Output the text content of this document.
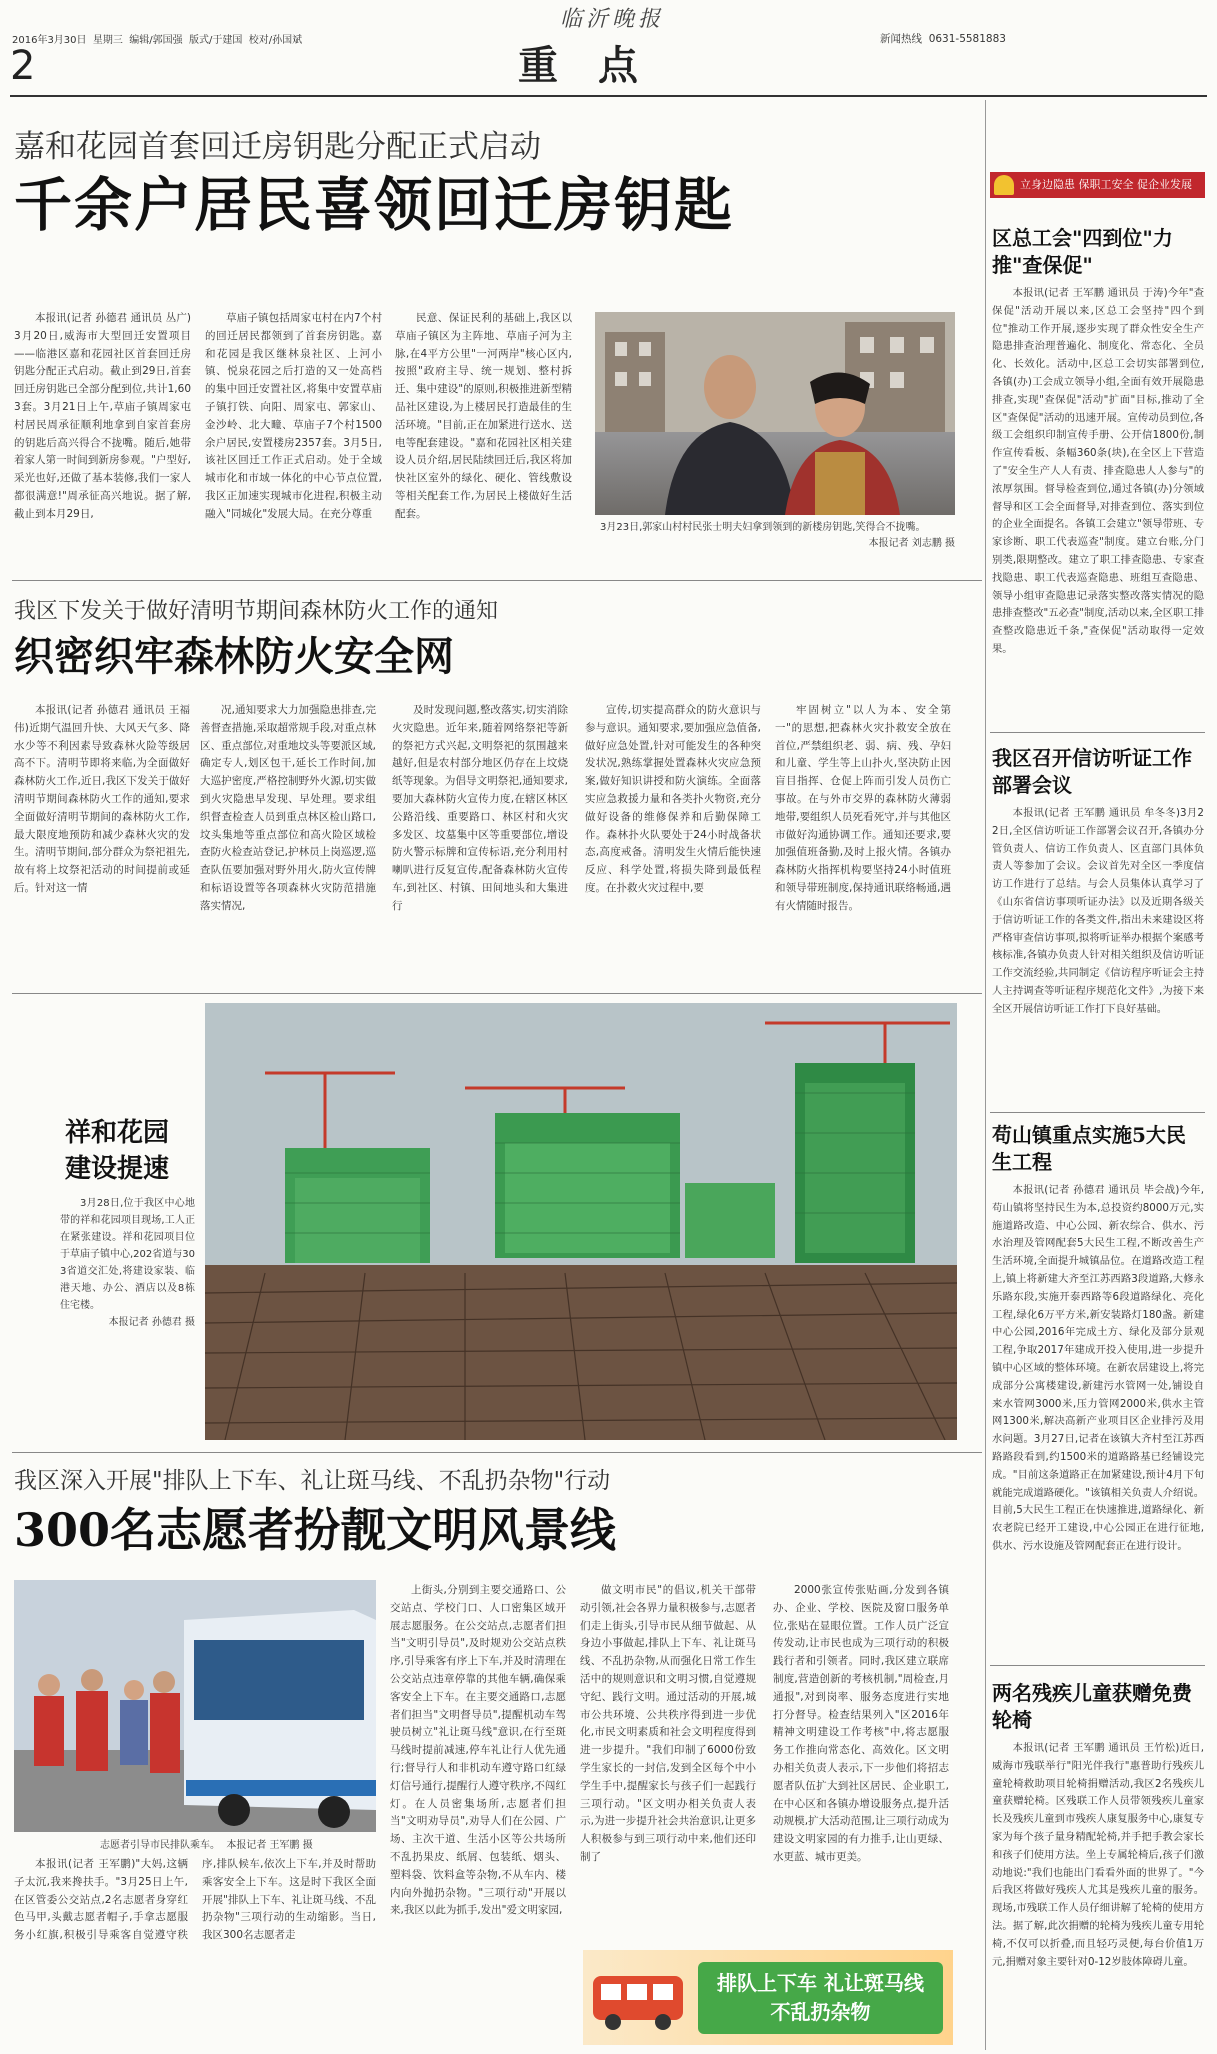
2016年3月30日 星期三 编辑/郭国强 版式/于建国 校对/孙国斌
临沂晚报
新闻热线 0631-5581883
2	重点
嘉和花园首套回迁房钥匙分配正式启动
千余户居民喜领回迁房钥匙

本报讯(记者 孙德君 通讯员 丛广)3月20日,威海市大型回迁安置项目——临港区嘉和花园社区首套回迁房钥匙分配正式启动。截止到29日,首套回迁房钥匙已全部分配到位,共计1,603套。3月21日上午,草庙子镇周家屯村居民周承征顺利地拿到自家首套房的钥匙后高兴得合不拢嘴。随后,她带着家人第一时间到新房参观。"户型好,采光也好,还做了基本装修,我们一家人都很满意!"周承征高兴地说。据了解,截止到本月29日,

草庙子镇包括周家屯村在内7个村的回迁居民都领到了首套房钥匙。嘉和花园是我区继林泉社区、上河小镇、悦泉花园之后打造的又一处高档的集中回迁安置社区,将集中安置草庙子镇打铁、向阳、周家屯、郭家山、金沙岭、北大疃、草庙子7个村1500余户居民,安置楼房2357套。3月5日,该社区回迁工作正式启动。处于全域城市化和市域一体化的中心节点位置,我区正加速实现城市化进程,积极主动融入"同城化"发展大局。在充分尊重

民意、保证民利的基础上,我区以草庙子镇区为主阵地、草庙子河为主脉,在4平方公里"一河两岸"核心区内,按照"政府主导、统一规划、整村拆迁、集中建设"的原则,积极推进新型精品社区建设,为上楼居民打造最佳的生活环境。"目前,正在加紧进行送水、送电等配套建设。"嘉和花园社区相关建设人员介绍,居民陆续回迁后,我区将加快社区室外的绿化、硬化、管线敷设等相关配套工作,为居民上楼做好生活配套。

3月23日,郭家山村村民张士明夫妇拿到领到的新楼房钥匙,笑得合不拢嘴。
本报记者 刘志鹏 摄
我区下发关于做好清明节期间森林防火工作的通知
织密织牢森林防火安全网

本报讯(记者 孙德君 通讯员 王福伟)近期气温回升快、大风天气多、降水少等不利因素导致森林火险等级居高不下。清明节即将来临,为全面做好森林防火工作,近日,我区下发关于做好清明节期间森林防火工作的通知,要求全面做好清明节期间的森林防火工作,最大限度地预防和减少森林火灾的发生。清明节期间,部分群众为祭祀祖先,故有将上坟祭祀活动的时间提前或延后。针对这一情

况,通知要求大力加强隐患排查,完善督查措施,采取超常规手段,对重点林区、重点部位,对重地坟头等要派区域,确定专人,划区包干,延长工作时间,加大巡护密度,严格控制野外火源,切实做到火灾隐患早发现、早处理。要求组织督查检查人员到重点林区检山路口,坟头集地等重点部位和高火险区域检查防火检查站登记,护林员上岗巡逻,巡查队伍要加强对野外用火,防火宣传牌和标语设置等各项森林火灾防范措施落实情况,

及时发现问题,整改落实,切实消除火灾隐患。近年来,随着网络祭祀等新的祭祀方式兴起,文明祭祀的氛围越来越好,但是农村部分地区仍存在上坟烧纸等现象。为倡导文明祭祀,通知要求,要加大森林防火宣传力度,在辖区林区公路沿线、重要路口、林区村和火灾多发区、坟墓集中区等重要部位,增设防火警示标牌和宣传标语,充分利用村喇叭进行反复宣传,配备森林防火宣传车,到社区、村镇、田间地头和大集进行

宣传,切实提高群众的防火意识与参与意识。通知要求,要加强应急值备,做好应急处置,针对可能发生的各种突发状况,熟练掌握处置森林火灾应急预案,做好知识讲授和防火演练。全面落实应急救援力量和各类扑火物资,充分做好设备的维修保养和后勤保障工作。森林扑火队要处于24小时战备状态,高度戒备。清明发生火情后能快速反应、科学处置,将损失降到最低程度。在扑救火灾过程中,要

牢固树立"以人为本、安全第一"的思想,把森林火灾扑救安全放在首位,严禁组织老、弱、病、残、孕妇和儿童、学生等上山扑火,坚决防止因盲目指挥、仓促上阵而引发人员伤亡事故。在与外市交界的森林防火薄弱地带,要组织人员死看死守,并与其他区市做好沟通协调工作。通知还要求,要加强值班备勤,及时上报火情。各镇办森林防火指挥机构要坚持24小时值班和领导带班制度,保持通讯联络畅通,遇有火情随时报告。

祥和花园建设提速

3月28日,位于我区中心地带的祥和花园项目现场,工人正在紧张建设。祥和花园项目位于草庙子镇中心,202省道与303省道交汇处,将建设家装、临港天地、办公、酒店以及8栋住宅楼。

本报记者 孙德君 摄
我区深入开展"排队上下车、礼让斑马线、不乱扔杂物"行动
300名志愿者扮靓文明风景线
志愿者引导市民排队乘车。 本报记者 王军鹏 摄

上街头,分别到主要交通路口、公交站点、学校门口、人口密集区域开展志愿服务。在公交站点,志愿者们担当"文明引导员",及时规劝公交站点秩序,引导乘客有序上下车,并及时清理在公交站点违章停靠的其他车辆,确保乘客安全上下车。在主要交通路口,志愿者们担当"文明督导员",提醒机动车驾驶员树立"礼让斑马线"意识,在行至斑马线时提前减速,停车礼让行人优先通行;督导行人和非机动车遵守路口红绿灯信号通行,提醒行人遵守秩序,不闯红灯。在人员密集场所,志愿者们担当"文明劝导员",劝导人们在公园、广场、主次干道、生活小区等公共场所不乱扔果皮、纸屑、包装纸、烟头、塑料袋、饮料盒等杂物,不从车内、楼内向外抛扔杂物。"三项行动"开展以来,我区以此为抓手,发出"爱文明家园,

做文明市民"的倡议,机关干部带动引领,社会各界力量积极参与,志愿者们走上街头,引导市民从细节做起、从身边小事做起,排队上下车、礼让斑马线、不乱扔杂物,从而强化日常工作生活中的规则意识和文明习惯,自觉遵规守纪、践行文明。通过活动的开展,城市公共环境、公共秩序得到进一步优化,市民文明素质和社会文明程度得到进一步提升。"我们印制了6000份致学生家长的一封信,发到全区每个中小学生手中,提醒家长与孩子们一起践行三项行动。"区文明办相关负责人表示,为进一步提升社会共治意识,让更多人积极参与到三项行动中来,他们还印制了

2000张宣传张贴画,分发到各镇办、企业、学校、医院及窗口服务单位,张贴在显眼位置。工作人员广泛宣传发动,让市民也成为三项行动的积极践行者和引领者。同时,我区建立联席制度,营造创新的考核机制,"周检查,月通报",对到岗率、服务态度进行实地打分督导。检查结果列入"区2016年精神文明建设工作考核"中,将志愿服务工作推向常态化、高效化。区文明办相关负责人表示,下一步他们将招志愿者队伍扩大到社区居民、企业职工,在中心区和各镇办增设服务点,提升活动规模,扩大活动范围,让三项行动成为建设文明家园的有力推手,让山更绿、水更蓝、城市更美。

本报讯(记者 王军鹏)"大妈,这辆子太沉,我来搀扶手。"3月25日上午,在区管委公交站点,2名志愿者身穿红色马甲,头戴志愿者帽子,手拿志愿服务小红旗,积极引导乘客自觉遵守秩序,排队候车,依次上下车,并及时帮助乘客安全上下车。这是时下我区全面开展"排队上下车、礼让斑马线、不乱扔杂物"三项行动的生动缩影。当日,我区300名志愿者走

排队上下车 礼让斑马线
不乱扔杂物
立身边隐患 保职工安全 促企业发展
区总工会"四到位"力推"查保促"

本报讯(记者 王军鹏 通讯员 于涛)今年"查保促"活动开展以来,区总工会坚持"四个到位"推动工作开展,逐步实现了群众性安全生产隐患排查治理普遍化、制度化、常态化、全员化、长效化。活动中,区总工会切实部署到位,各镇(办)工会成立领导小组,全面有效开展隐患排查,实现"查保促"活动"扩面"目标,推动了全区"查保促"活动的迅速开展。宣传动员到位,各级工会组织印制宣传手册、公开信1800份,制作宣传看板、条幅360条(块),在全区上下营造了"安全生产人人有责、排查隐患人人参与"的浓厚氛围。督导检查到位,通过各镇(办)分领域督导和区工会全面督导,对排查到位、落实到位的企业全面提名。各镇工会建立"领导带班、专家诊断、职工代表巡查"制度。建立台账,分门别类,限期整改。建立了职工排查隐患、专家查找隐患、职工代表巡查隐患、班组互查隐患、领导小组审查隐患记录落实整改落实情况的隐患排查整改"五必查"制度,活动以来,全区职工排查整改隐患近千条,"查保促"活动取得一定效果。

我区召开信访听证工作部署会议

本报讯(记者 王军鹏 通讯员 牟冬冬)3月22日,全区信访听证工作部署会议召开,各镇办分管负责人、信访工作负责人、区直部门具体负责人等参加了会议。会议首先对全区一季度信访工作进行了总结。与会人员集体认真学习了《山东省信访事项听证办法》以及近期各级关于信访听证工作的各类文件,指出未来建设区将严格审查信访事项,拟将听证举办根据个案感考核标准,各镇办负责人针对相关组织及信访听证工作交流经验,共同制定《信访程序听证会主持人主持调查等听证程序规范化文件》,为接下来全区开展信访听证工作打下良好基础。

苟山镇重点实施5大民生工程

本报讯(记者 孙德君 通讯员 毕会战)今年,苟山镇将坚持民生为本,总投资约8000万元,实施道路改造、中心公园、新农综合、供水、污水治理及管网配套5大民生工程,不断改善生产生活环境,全面提升城镇品位。在道路改造工程上,镇上将新建大齐至江苏西路3段道路,大修永乐路东段,实施开泰西路等6段道路绿化、亮化工程,绿化6万平方米,新安装路灯180盏。新建中心公园,2016年完成土方、绿化及部分景观工程,争取2017年建成开投入使用,进一步提升镇中心区域的整体环境。在新农居建设上,将完成部分公寓楼建设,新建污水管网一处,铺设自来水管网3000米,压力管网2000米,供水主管网1300米,解决高新产业项目区企业排污及用水问题。3月27日,记者在该镇大齐村至江苏西路路段看到,约1500米的道路路基已经铺设完成。"目前这条道路正在加紧建设,预计4月下旬就能完成道路硬化。"该镇相关负责人介绍说。目前,5大民生工程正在快速推进,道路绿化、新农老院已经开工建设,中心公园正在进行征地,供水、污水设施及管网配套正在进行设计。

两名残疾儿童获赠免费轮椅

本报讯(记者 王军鹏 通讯员 王竹松)近日,威海市残联举行"阳光伴我行"惠普助行残疾儿童轮椅救助项目轮椅捐赠活动,我区2名残疾儿童获赠轮椅。区残联工作人员带领残疾儿童家长及残疾儿童到市残疾人康复服务中心,康复专家为每个孩子量身精配轮椅,并手把手教会家长和孩子们使用方法。坐上专属轮椅后,孩子们激动地说:"我们也能出门看看外面的世界了。"今后我区将做好残疾人尤其是残疾儿童的服务。现场,市残联工作人员仔细讲解了轮椅的使用方法。据了解,此次捐赠的轮椅为残疾儿童专用轮椅,不仅可以折叠,而且轻巧灵便,每台价值1万元,捐赠对象主要针对0-12岁肢体障碍儿童。
